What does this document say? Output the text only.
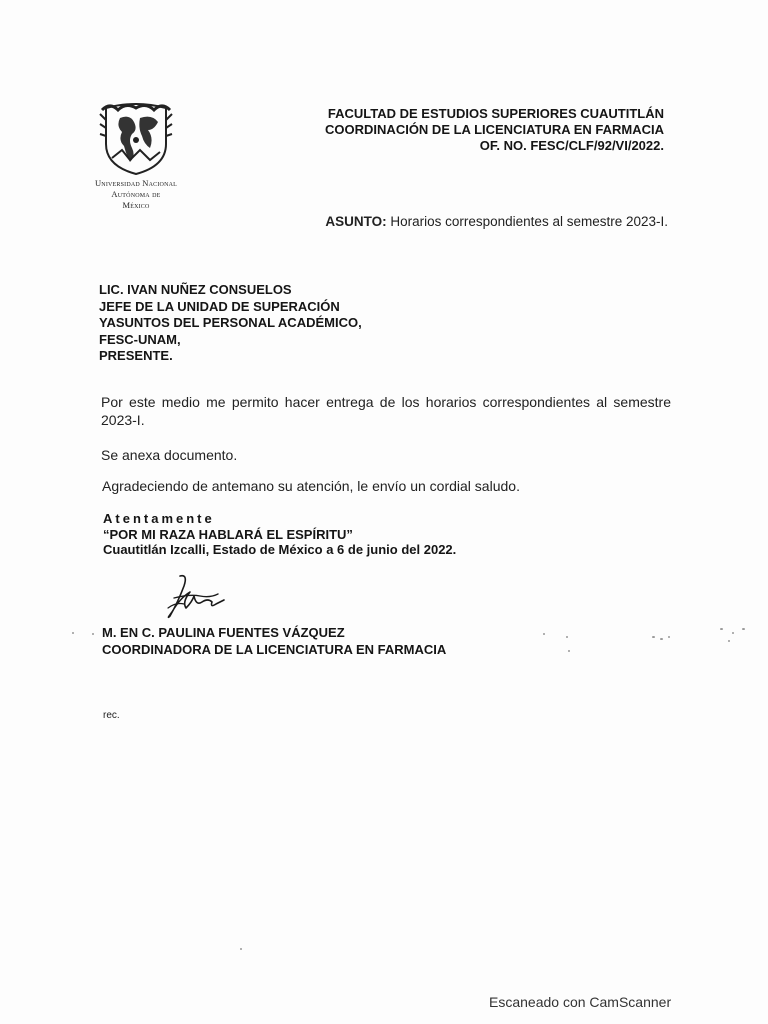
Universidad Nacional
Autónoma de
México
FACULTAD DE ESTUDIOS SUPERIORES CUAUTITLÁN
COORDINACIÓN DE LA LICENCIATURA EN FARMACIA
OF. NO. FESC/CLF/92/VI/2022.
ASUNTO: Horarios correspondientes al semestre 2023-I.
LIC. IVAN NUÑEZ CONSUELOS
JEFE DE LA UNIDAD DE SUPERACIÓN
YASUNTOS DEL PERSONAL ACADÉMICO,
FESC-UNAM,
PRESENTE.
Por este medio me permito hacer entrega de los horarios correspondientes al semestre 2023-I.
Se anexa documento.
Agradeciendo de antemano su atención, le envío un cordial saludo.
Atentamente
“POR MI RAZA HABLARÁ EL ESPÍRITU”
Cuautitlán Izcalli, Estado de México a 6 de junio del 2022.
M. EN C. PAULINA FUENTES VÁZQUEZ
COORDINADORA DE LA LICENCIATURA EN FARMACIA
rec.
Escaneado con CamScanner
